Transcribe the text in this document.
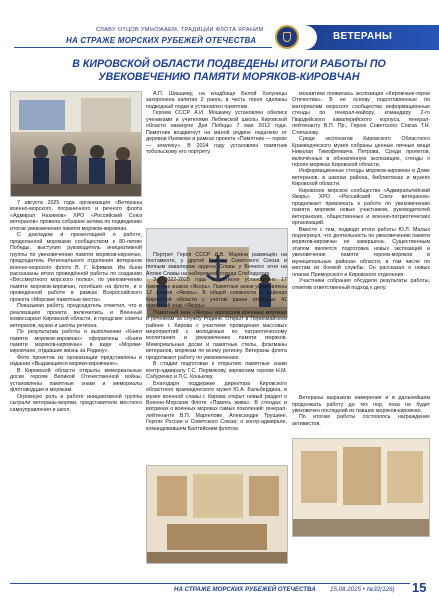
СЛАВУ ОТЦОВ УМНОЖАЕМ, ТРАДИЦИИ ФЛОТА ХРАНИМ
НА СТРАЖЕ МОРСКИХ РУБЕЖЕЙ ОТЕЧЕСТВА	ВЕТЕРАНЫ
В КИРОВСКОЙ ОБЛАСТИ ПОДВЕДЕНЫ ИТОГИ РАБОТЫ ПО УВЕКОВЕЧЕНИЮ ПАМЯТИ МОРЯКОВ-КИРОВЧАН

7 августа 2025 года организация «Ветераны военно-морского, пограничного и речного флота «Адмирал Нахимов» ХРО «Российский Союз ветеранов» провела собрание актива по подведению итогов увековечения памяти моряков-кировчан.

С докладом и презентацией о работе, проделанной моряками сообществом к 80-летию Победы, выступил руководитель инициативной группы по увековечению памяти моряков-кировчан, председатель Регионального отделения ветеранов военно-морского флота В. Г. Ефимов. Им были рассказаны итоги проведённой работы по созданию «Бессмертного морского полка», по увековечению памяти моряков-кировчан, погибших на флоте, и о проведённой работе в рамках Всероссийского проекта «Морские памятные места».

Показывая работу, председатель отметил, что в реализацию проекта включились и Военный комиссариат Кировской области, и городские советы ветеранов, музеи и школы региона.

По результатам работы о выполнении «Книги памяти моряков-кировчан» оформлены «Книги памяти моряков-кировчан» в виде «Моряки-кировчане, отдавшие жизнь за Родину».

Фото проектов из организации представлены в издании «Выдающиеся моряки-кировчане».

В Кировской области открыты мемориальные доски героям Великой Отечественной войны, установлены памятные знаки и мемориалы флотоводцам и морякам.

Огромную роль в работе инициативной группы сыграли ветераны-моряки, представители местного самоуправления и школ.

А.П. Шишаеву, на кладбище Белой Холуницы захоронена капитан 2 ранга, в честь героя сделаны подводный лодки и установлен памятник.

Героем СССР А.И. Мошкину установлен обелиск учениками и учителями Лебяжской школы Кировской области накануне Дня Победы 7 мая 2012 года. Памятник воздвигнут на малой родине недалеко от деревни Изюмово в рамках проекта «Памятник — герою — землеку». В 2014 году установлен памятник тобольскому его портрету.

Портрет Героя СССР И.В. Марина размещён на постаменте, у другой Героям Советского Союза и полным кавалерам ордена Славы у Вечного огня на Аллее Славы на набережной города Слободского.

За 2022-2025 годы в регионе установлено 17 памятных знаков «Якорь». Памятные знаки установлены 12 знаков «Якорь». В общей сложности в районах Кировской области с учётом ранее открытых 41 памятный знак «Якорь».

Памятный знак «Якорь» кировским военным морякам и речникам за службу Родине. Открыт в Первомайском районе г. Кирова с участием проведения массовых мероприятий с молодёжью по патриотическому воспитанию и увековечению памяти моряков. Мемориальные доски и памятные стелы, флагманы ветеранов, морякам по всему региону. Ветераны флота продолжают работу по увековечению.

В стадии подготовки к открытию памятные знаки контр-адмиралу Г.С. Пермякову, кировским героям Н.М. Сабуренко и Л.С. Конькову.

Благодаря поддержке директора Кировского областного краеведческого музея Ю.А. Бальбердина, в музее военной славы г. Кирова открыт новый раздел о Военно-Морском Флоте «Память жива». В стендах и витринах о военных моряках самых поколений: генерал-лейтенанте В.П. Маргелове, Александре Трушине, Героях России и Советского Союза; о контр-адмирале, командовавшем Балтийским флотом.

монавтики появилась экспозиция «Кировчане-герои Отечества». В ее основу подготовленные по материалам морского сообщества информационные стенды по генерал-майору, командиру 2-го Гвардейского кавалерийского корпуса, генерал-лейтенанту В.П. Пр., Герою Советского Союза Т.Н. Степанову.

Среди экспонатов Кировского Областного Краеведческого музея собраны ценные личные вещи Николая Тимофеевича Петрова, Среди проектов, включённых в обновлённую экспозицию, стенды о героях-моряках Кировской области.

Информационные стенды моряков-кировчан в Доме ветеранов, в школах района, библиотеках и музеях Кировской области.

Кировское морское сообщество «Адмиральтейский Якорь» ХРО «Российский Союз ветеранов» продолжает привлекать к работе по увековечению памяти моряков новых участников, руководителей ветеранских, общественных и военно-патриотических организаций.

Вместе с тем, подводя итоги работы Ю.Л. Малых подчеркнул, что деятельность по увековечению памяти моряков-кировчан не завершена. Существенным этапом является подготовка новых экспозиций и увековечение памяти героев-моряков в муниципальных районах области, в том числе по местам их боевой службы. Он рассказал о новых планах Приморского и Кировского отделения.

Участники собрания обсудили результаты работы, отметив ответственный подход к делу.

Ветераны выразили намерение и в дальнейшем продолжать работу до тех пор, пока не будет увековечен последний из павших моряков-кировчан.

По итогам работы состоялось награждение активистов.

НА СТРАЖЕ МОРСКИХ РУБЕЖЕЙ ОТЕЧЕСТВА 15.08.2025 • №32(126) 15
